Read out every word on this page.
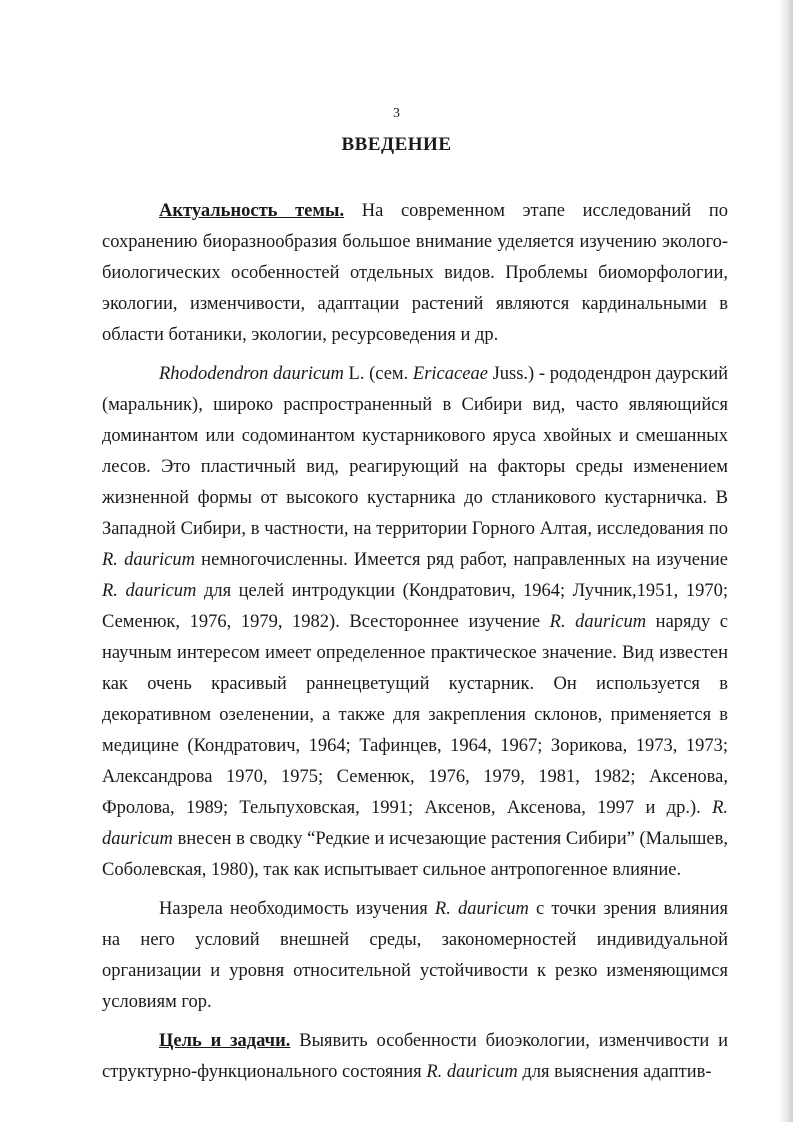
3
ВВЕДЕНИЕ

Актуальность темы. На современном этапе исследований по сохранению биоразнообразия большое внимание уделяется изучению эколого-биологических особенностей отдельных видов. Проблемы биоморфологии, экологии, изменчивости, адаптации растений являются кардинальными в области ботаники, экологии, ресурсоведения и др.

Rhododendron dauricum L. (сем. Ericaceae Juss.) - рододендрон даурский (маральник), широко распространенный в Сибири вид, часто являющийся доминантом или содоминантом кустарникового яруса хвойных и смешанных лесов. Это пластичный вид, реагирующий на факторы среды изменением жизненной формы от высокого кустарника до стланикового кустарничка. В Западной Сибири, в частности, на территории Горного Алтая, исследования по R. dauricum немногочисленны. Имеется ряд работ, направленных на изучение R. dauricum для целей интродукции (Кондратович, 1964; Лучник,1951, 1970; Семенюк, 1976, 1979, 1982). Всестороннее изучение R. dauricum наряду с научным интересом имеет определенное практическое значение. Вид известен как очень красивый раннецветущий кустарник. Он используется в декоративном озеленении, а также для закрепления склонов, применяется в медицине (Кондратович, 1964; Тафинцев, 1964, 1967; Зорикова, 1973, 1973; Александрова 1970, 1975; Семенюк, 1976, 1979, 1981, 1982; Аксенова, Фролова, 1989; Тельпуховская, 1991; Аксенов, Аксенова, 1997 и др.). R. dauricum внесен в сводку “Редкие и исчезающие растения Сибири” (Малышев, Соболевская, 1980), так как испытывает сильное антропогенное влияние.

Назрела необходимость изучения R. dauricum с точки зрения влияния на него условий внешней среды, закономерностей индивидуальной организации и уровня относительной устойчивости к резко изменяющимся условиям гор.

Цель и задачи. Выявить особенности биоэкологии, изменчивости и структурно-функционального состояния R. dauricum для выяснения адаптив-
